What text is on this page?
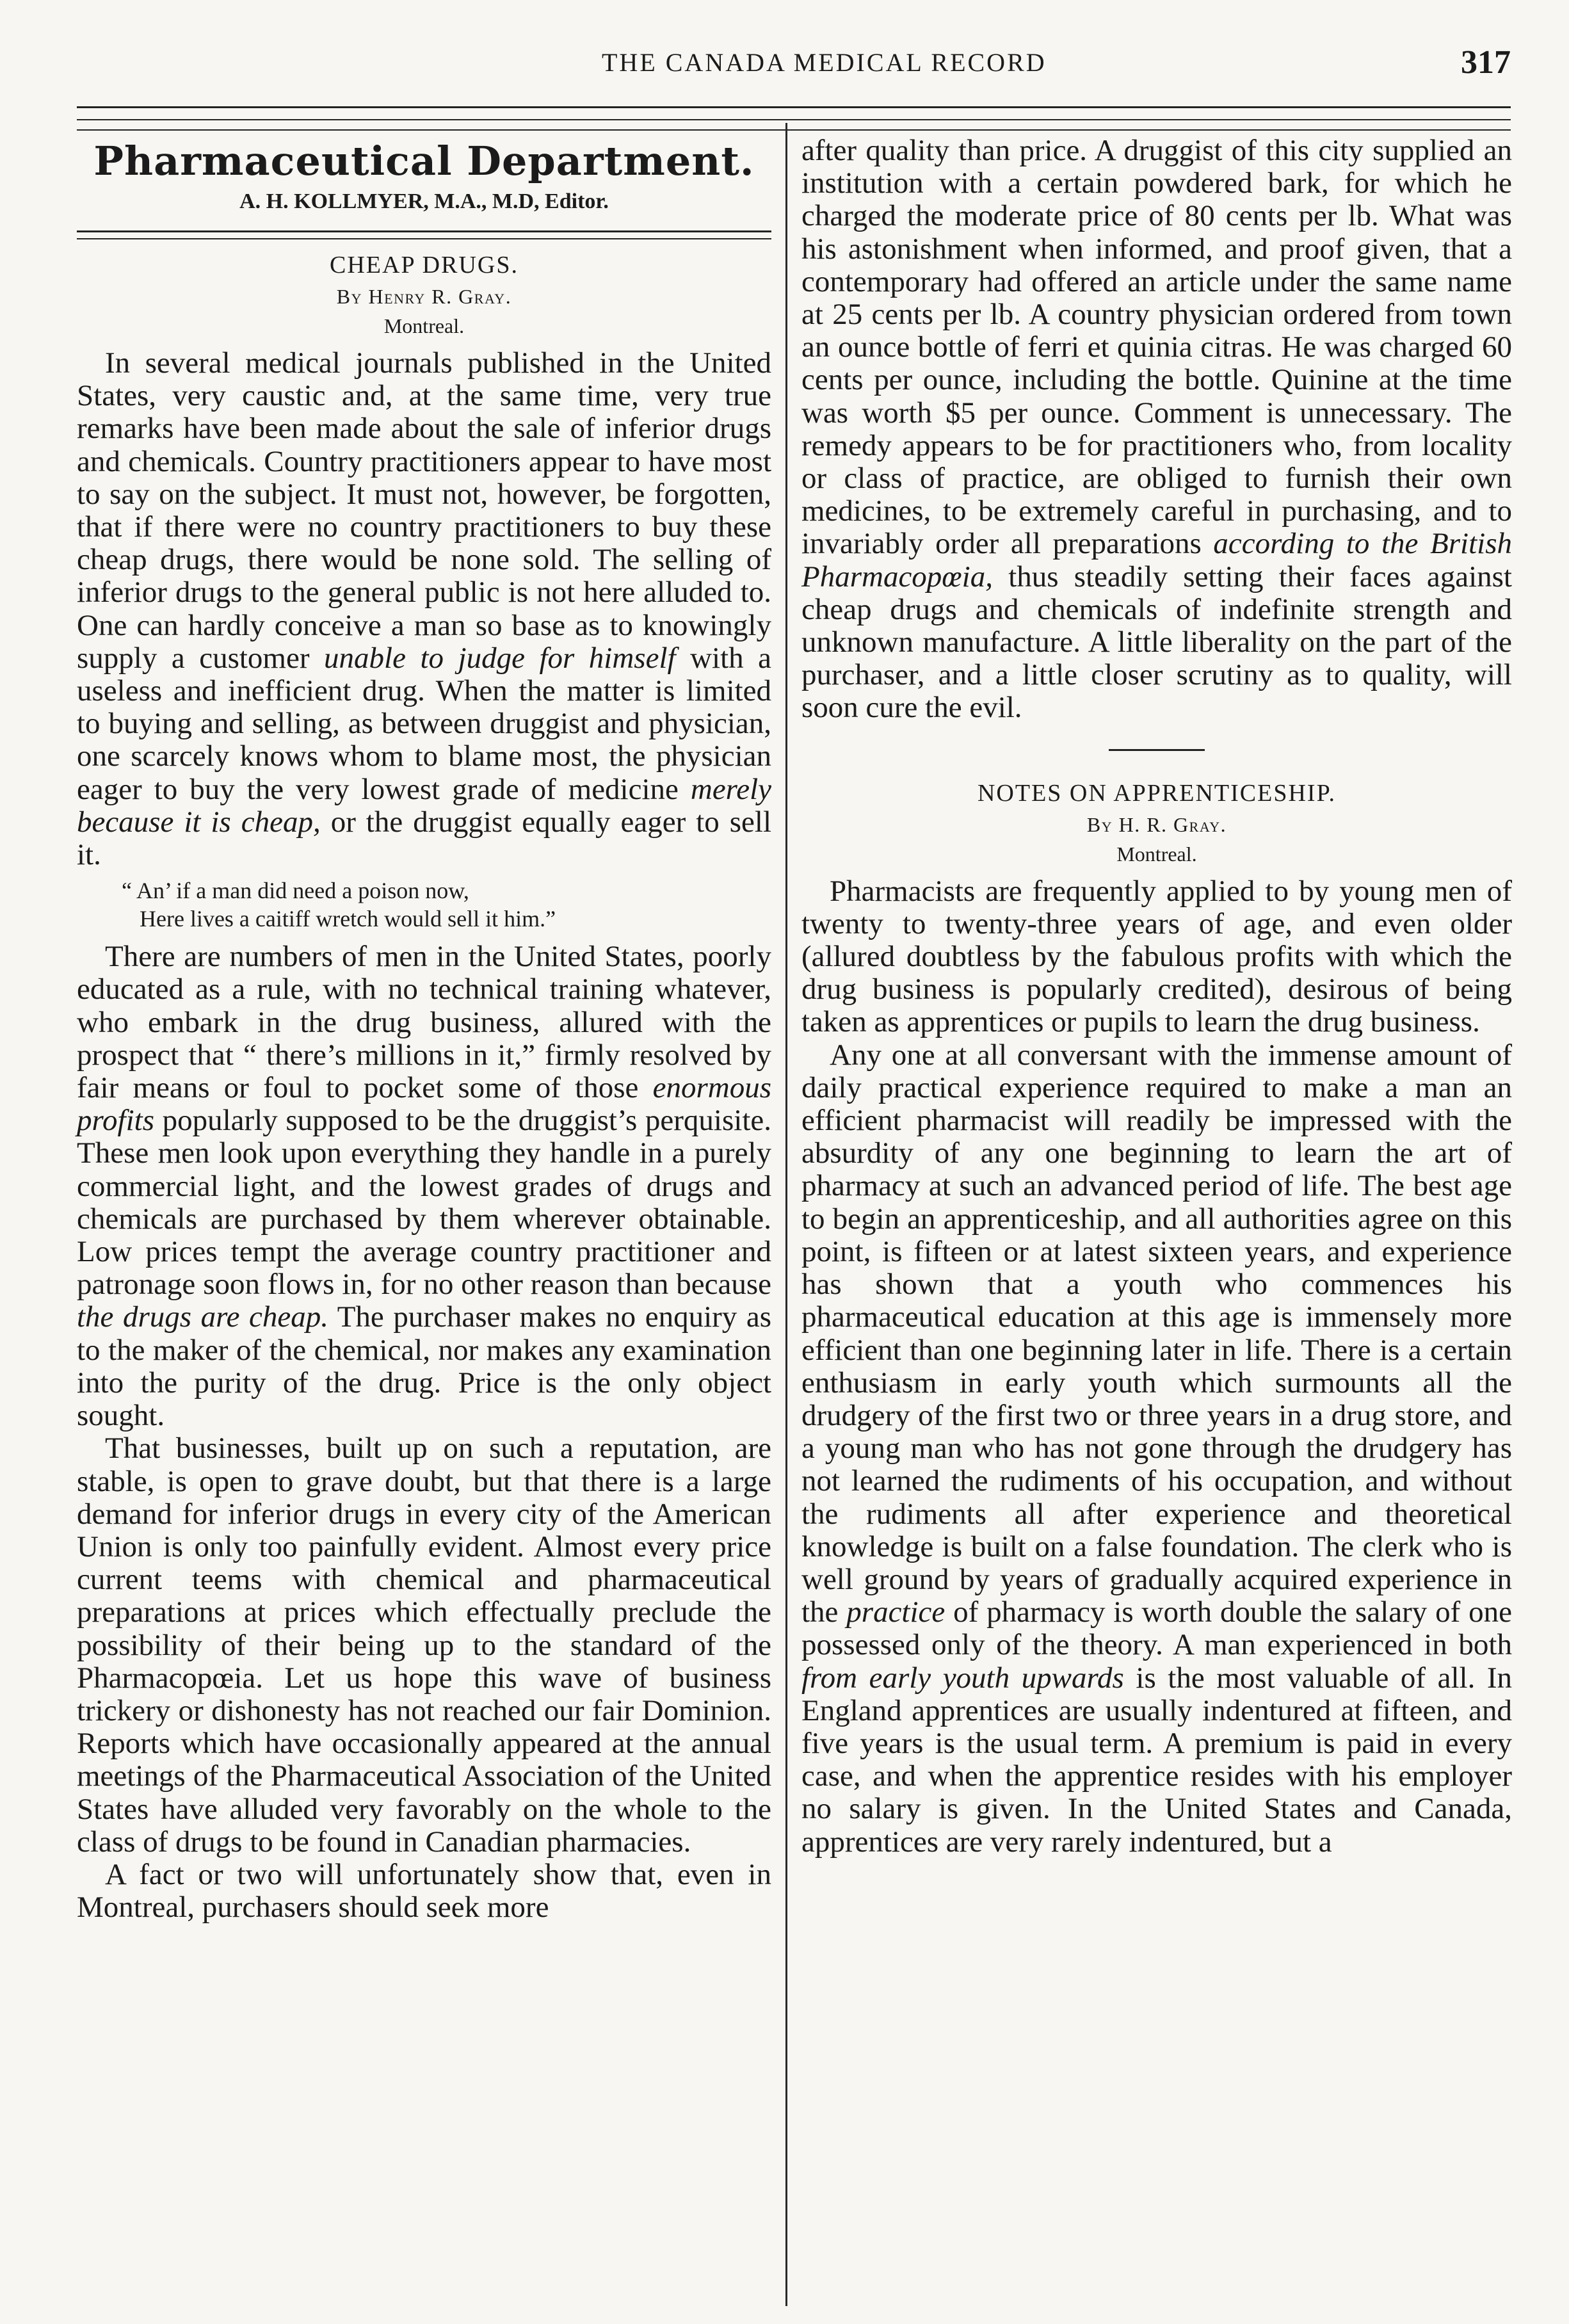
THE CANADA MEDICAL RECORD	317
Pharmaceutical Department.
A. H. KOLLMYER, M.A., M.D, Editor.
CHEAP DRUGS.
By Henry R. Gray.
Montreal.

In several medical journals published in the United States, very caustic and, at the same time, very true remarks have been made about the sale of inferior drugs and chemicals. Country practitioners appear to have most to say on the subject. It must not, however, be forgotten, that if there were no country practitioners to buy these cheap drugs, there would be none sold. The selling of inferior drugs to the general public is not here alluded to. One can hardly conceive a man so base as to knowingly supply a customer unable to judge for himself with a useless and inefficient drug. When the matter is limited to buying and selling, as between druggist and physician, one scarcely knows whom to blame most, the physician eager to buy the very lowest grade of medicine merely because it is cheap, or the druggist equally eager to sell it.

“ An’ if a man did need a poison now,
Here lives a caitiff wretch would sell it him.”

There are numbers of men in the United States, poorly educated as a rule, with no technical training whatever, who embark in the drug business, allured with the prospect that “ there’s millions in it,” firmly resolved by fair means or foul to pocket some of those enormous profits popularly supposed to be the druggist’s perquisite. These men look upon everything they handle in a purely commercial light, and the lowest grades of drugs and chemicals are purchased by them wherever obtainable. Low prices tempt the average country practitioner and patronage soon flows in, for no other reason than because the drugs are cheap. The purchaser makes no enquiry as to the maker of the chemical, nor makes any examination into the purity of the drug. Price is the only object sought.

That businesses, built up on such a reputation, are stable, is open to grave doubt, but that there is a large demand for inferior drugs in every city of the American Union is only too painfully evident. Almost every price current teems with chemical and pharmaceutical preparations at prices which effectually preclude the possibility of their being up to the standard of the Pharmacopœia. Let us hope this wave of business trickery or dishonesty has not reached our fair Dominion. Reports which have occasionally appeared at the annual meetings of the Pharmaceutical Association of the United States have alluded very favorably on the whole to the class of drugs to be found in Canadian pharmacies.

A fact or two will unfortunately show that, even in Montreal, purchasers should seek more

after quality than price. A druggist of this city supplied an institution with a certain powdered bark, for which he charged the moderate price of 80 cents per lb. What was his astonishment when informed, and proof given, that a contemporary had offered an article under the same name at 25 cents per lb. A country physician ordered from town an ounce bottle of ferri et quinia citras. He was charged 60 cents per ounce, including the bottle. Quinine at the time was worth $5 per ounce. Comment is unnecessary. The remedy appears to be for practitioners who, from locality or class of practice, are obliged to furnish their own medicines, to be extremely careful in purchasing, and to invariably order all preparations according to the British Pharmacopœia, thus steadily setting their faces against cheap drugs and chemicals of indefinite strength and unknown manufacture. A little liberality on the part of the purchaser, and a little closer scrutiny as to quality, will soon cure the evil.

NOTES ON APPRENTICESHIP.
By H. R. Gray.
Montreal.

Pharmacists are frequently applied to by young men of twenty to twenty-three years of age, and even older (allured doubtless by the fabulous profits with which the drug business is popularly credited), desirous of being taken as apprentices or pupils to learn the drug business.

Any one at all conversant with the immense amount of daily practical experience required to make a man an efficient pharmacist will readily be impressed with the absurdity of any one beginning to learn the art of pharmacy at such an advanced period of life. The best age to begin an apprenticeship, and all authorities agree on this point, is fifteen or at latest sixteen years, and experience has shown that a youth who commences his pharmaceutical education at this age is immensely more efficient than one beginning later in life. There is a certain enthusiasm in early youth which surmounts all the drudgery of the first two or three years in a drug store, and a young man who has not gone through the drudgery has not learned the rudiments of his occupation, and without the rudiments all after experience and theoretical knowledge is built on a false foundation. The clerk who is well ground by years of gradually acquired experience in the practice of pharmacy is worth double the salary of one possessed only of the theory. A man experienced in both from early youth upwards is the most valuable of all. In England apprentices are usually indentured at fifteen, and five years is the usual term. A premium is paid in every case, and when the apprentice resides with his employer no salary is given. In the United States and Canada, apprentices are very rarely indentured, but a
